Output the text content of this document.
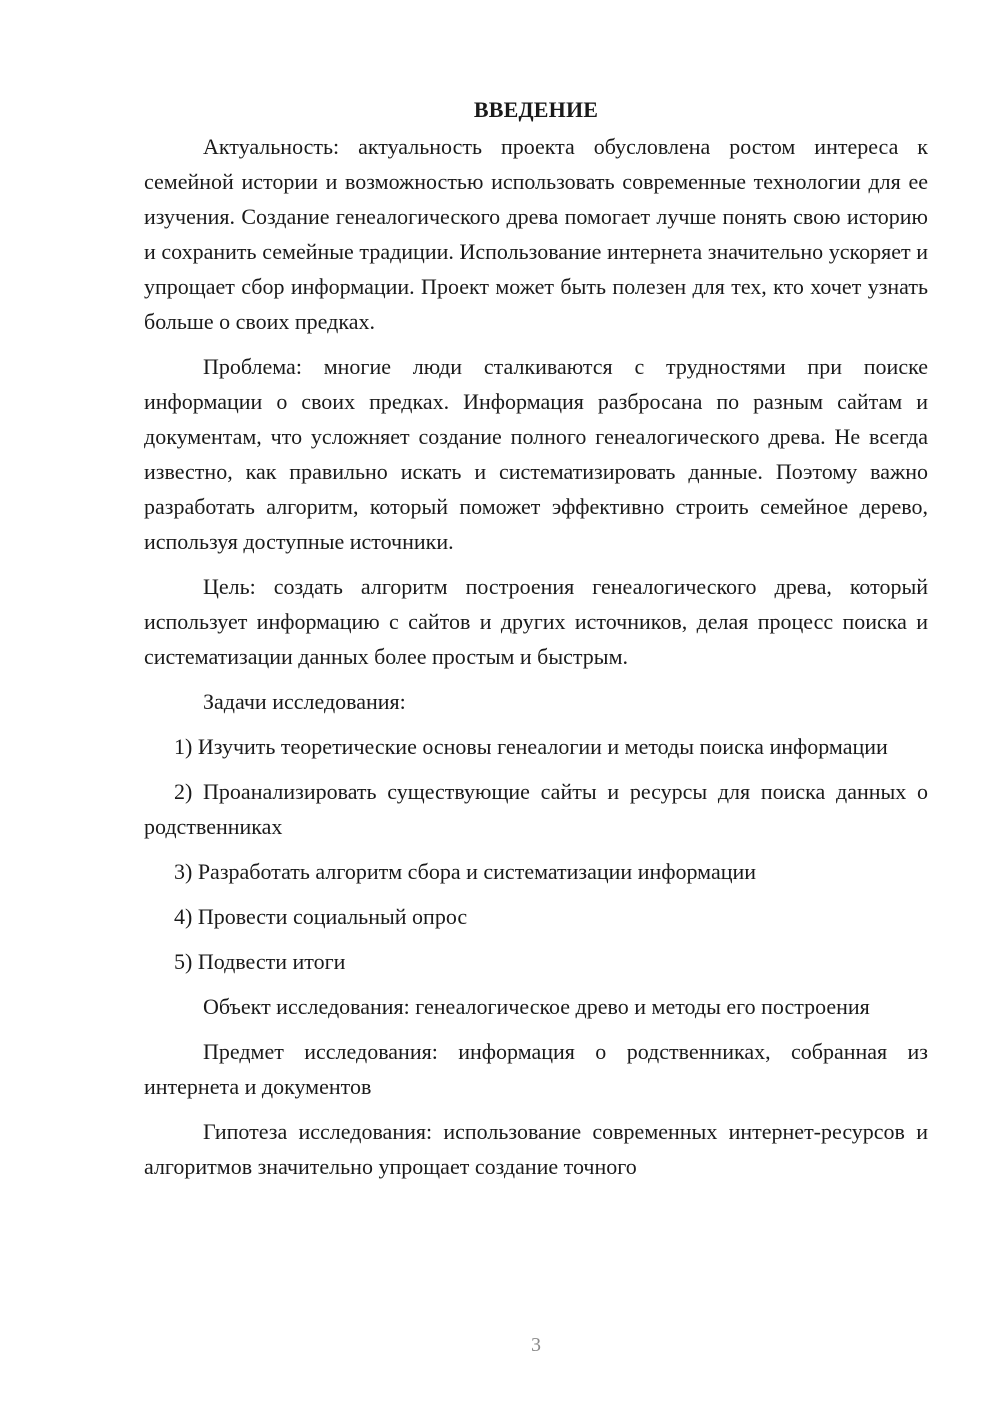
ВВЕДЕНИЕ

Актуальность: актуальность проекта обусловлена ростом интереса к семейной истории и возможностью использовать современные технологии для ее изучения. Создание генеалогического древа помогает лучше понять свою историю и сохранить семейные традиции. Использование интернета значительно ускоряет и упрощает сбор информации. Проект может быть полезен для тех, кто хочет узнать больше о своих предках.

Проблема: многие люди сталкиваются с трудностями при поиске информации о своих предках. Информация разбросана по разным сайтам и документам, что усложняет создание полного генеалогического древа. Не всегда известно, как правильно искать и систематизировать данные. Поэтому важно разработать алгоритм, который поможет эффективно строить семейное дерево, используя доступные источники.

Цель: создать алгоритм построения генеалогического древа, который использует информацию с сайтов и других источников, делая процесс поиска и систематизации данных более простым и быстрым.

Задачи исследования:

1) Изучить теоретические основы генеалогии и методы поиска информации

2) Проанализировать существующие сайты и ресурсы для поиска данных о родственниках

3) Разработать алгоритм сбора и систематизации информации

4) Провести социальный опрос

5) Подвести итоги

Объект исследования: генеалогическое древо и методы его построения

Предмет исследования: информация о родственниках, собранная из интернета и документов

Гипотеза исследования: использование современных интернет-ресурсов и алгоритмов значительно упрощает создание точного

3
